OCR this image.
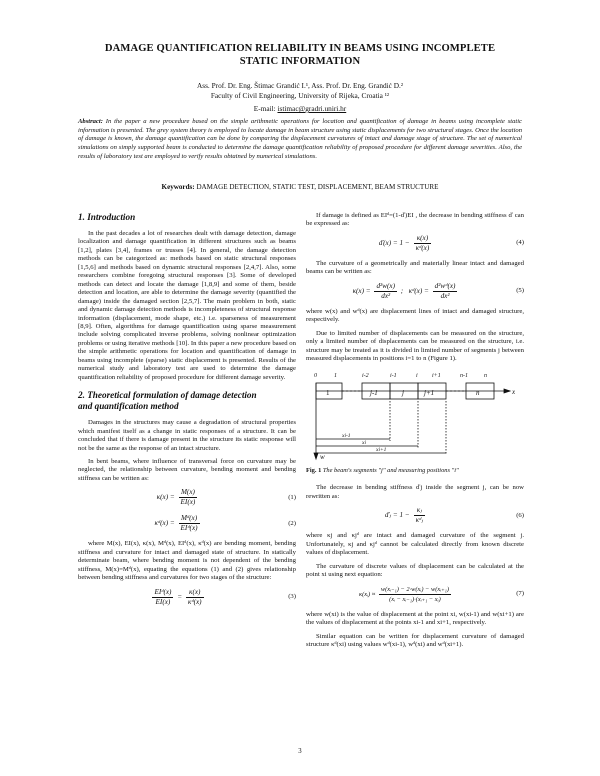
DAMAGE QUANTIFICATION RELIABILITY IN BEAMS USING INCOMPLETE
STATIC INFORMATION
Ass. Prof. Dr. Eng. Štimac Grandić I.¹, Ass. Prof. Dr. Eng. Grandić D.²
Faculty of Civil Engineering, University of Rijeka, Croatia ¹²
E-mail: istimac@gradri.uniri.hr
Abstract: In the paper a new procedure based on the simple arithmetic operations for location and quantification of damage in beams using incomplete static information is presented. The grey system theory is employed to locate damage in beam structure using static displacements for two structural stages. Once the location of damage is known, the damage quantification can be done by comparing the displacement curvatures of intact and damage stage of structure. The set of numerical simulations on simply supported beam is conducted to determine the damage quantification reliability of proposed procedure for different damage severities. Also, the results of laboratory test are employed to verify results obtained by numerical simulations.
Keywords: DAMAGE DETECTION, STATIC TEST, DISPLACEMENT, BEAM STRUCTURE
1. Introduction

In the past decades a lot of researches dealt with damage detection, damage localization and damage quantification in different structures such as beams [1,2], plates [3,4], frames or trusses [4]. In general, the damage detection methods can be categorized as: methods based on static structural responses [1,5,6] and methods based on dynamic structural responses [2,4,7]. Also, some researchers combine foregoing structural responses [3]. Some of developed methods can detect and locate the damage [1,8,9] and some of them, beside detection and location, are able to determine the damage severity (quantified the damage) inside the damaged section [2,5,7]. The main problem in both, static and dynamic damage detection methods is incompleteness of structural response information (displacement, mode shape, etc.) i.e. sparseness of measurement [8,9]. Often, algorithms for damage quantification using sparse measurement include solving complicated inverse problems, solving nonlinear optimization problems or using iterative methods [10]. In this paper a new procedure based on the simple arithmetic operations for location and quantification of damage in beams using incomplete (sparse) static displacement is presented. Results of the numerical study and laboratory test are used to determine the damage quantification reliability of proposed procedure for different damage severity.

2. Theoretical formulation of damage detection
and quantification method

Damages in the structures may cause a degradation of structural properties which manifest itself as a change in static responses of a structure. It can be concluded that if there is damage present in the structure its static response will not be the same as the response of an intact structure.

In bent beams, where influence of transversal force on curvature may be neglected, the relationship between curvature, bending moment and bending stiffness can be written as:

$\kappa(x) = \frac{M(x)}{EI(x)}$	(1)
κᵈ(x) = $\frac{\text{Mᵈ(x)}}{\text{EIᵈ(x)}}$	(2)

where M(x), EI(x), κ(x), Mᵈ(x), EIᵈ(x), κᵈ(x) are bending moment, bending stiffness and curvature for intact and damaged state of structure. In statically determinate beam, where bending moment is not dependent of the bending stiffness, M(x)=Mᵈ(x), equating the equations (1) and (2) gives relationship between bending stiffness and curvatures for two stages of the structure:

$\frac{\text{EIᵈ(x)}}{EI(x)} = \frac{\kappa(x)}{\text{κᵈ(x)}}$	(3)

If damage is defined as EIᵈ=(1-ď)EI , the decrease in bending stiffness ď can be expressed as:

ď(x) = $1 - \frac{\kappa(x)}{\text{κᵈ(x)}}$	(4)

The curvature of a geometrically and materially linear intact and damaged beams can be written as:

$\kappa(x) = \frac{\text{d²w(x)}}{\text{dx²}}$ ;   κᵈ(x) = $\frac{\text{d²wᵈ(x)}}{\text{dx²}}$	(5)

where w(x) and wᵈ(x) are displacement lines of intact and damaged structure, respectively.

Due to limited number of displacements can be measured on the structure, only a limited number of displacements can be measured on the structure, i.e. structure may be treated as it is divided in limited number of segments j between measured displacements in positions i=1 to n (Figure 1).

0	1	i-2	i-1	i i+1	n-1	n
1	j-1	j	j+1	n	x
w
xi-1
xi
xi+1
Fig. 1 The beam's segments "j" and measuring positions "i"

The decrease in bending stiffness ďj inside the segment j, can be now rewritten as:

ďⱼ = $1 - \frac{\text{κⱼ}}{\text{κᵈⱼ}}$	(6)

where κj and κjᵈ are intact and damaged curvature of the segment j. Unfortunately, κj and κjᵈ cannot be calculated directly from known discrete values of displacement.

The curvature of discrete values of displacement can be calculated at the point xi using next equation:

κ(xᵢ) ≈ $\frac{\text{w(xᵢ₋₁) − 2·w(xᵢ) − w(xᵢ₊₁)}}{\text{(xᵢ − xᵢ₋₁)·(xᵢ₊₁ − xᵢ)}}$	(7)

where w(xi) is the value of displacement at the point xi, w(xi-1) and w(xi+1) are the values of displacement at the points xi-1 and xi+1, respectively.

Similar equation can be written for displacement curvature of damaged structure κᵈ(xi) using values wᵈ(xi-1), wᵈ(xi) and wᵈ(xi+1).

3
